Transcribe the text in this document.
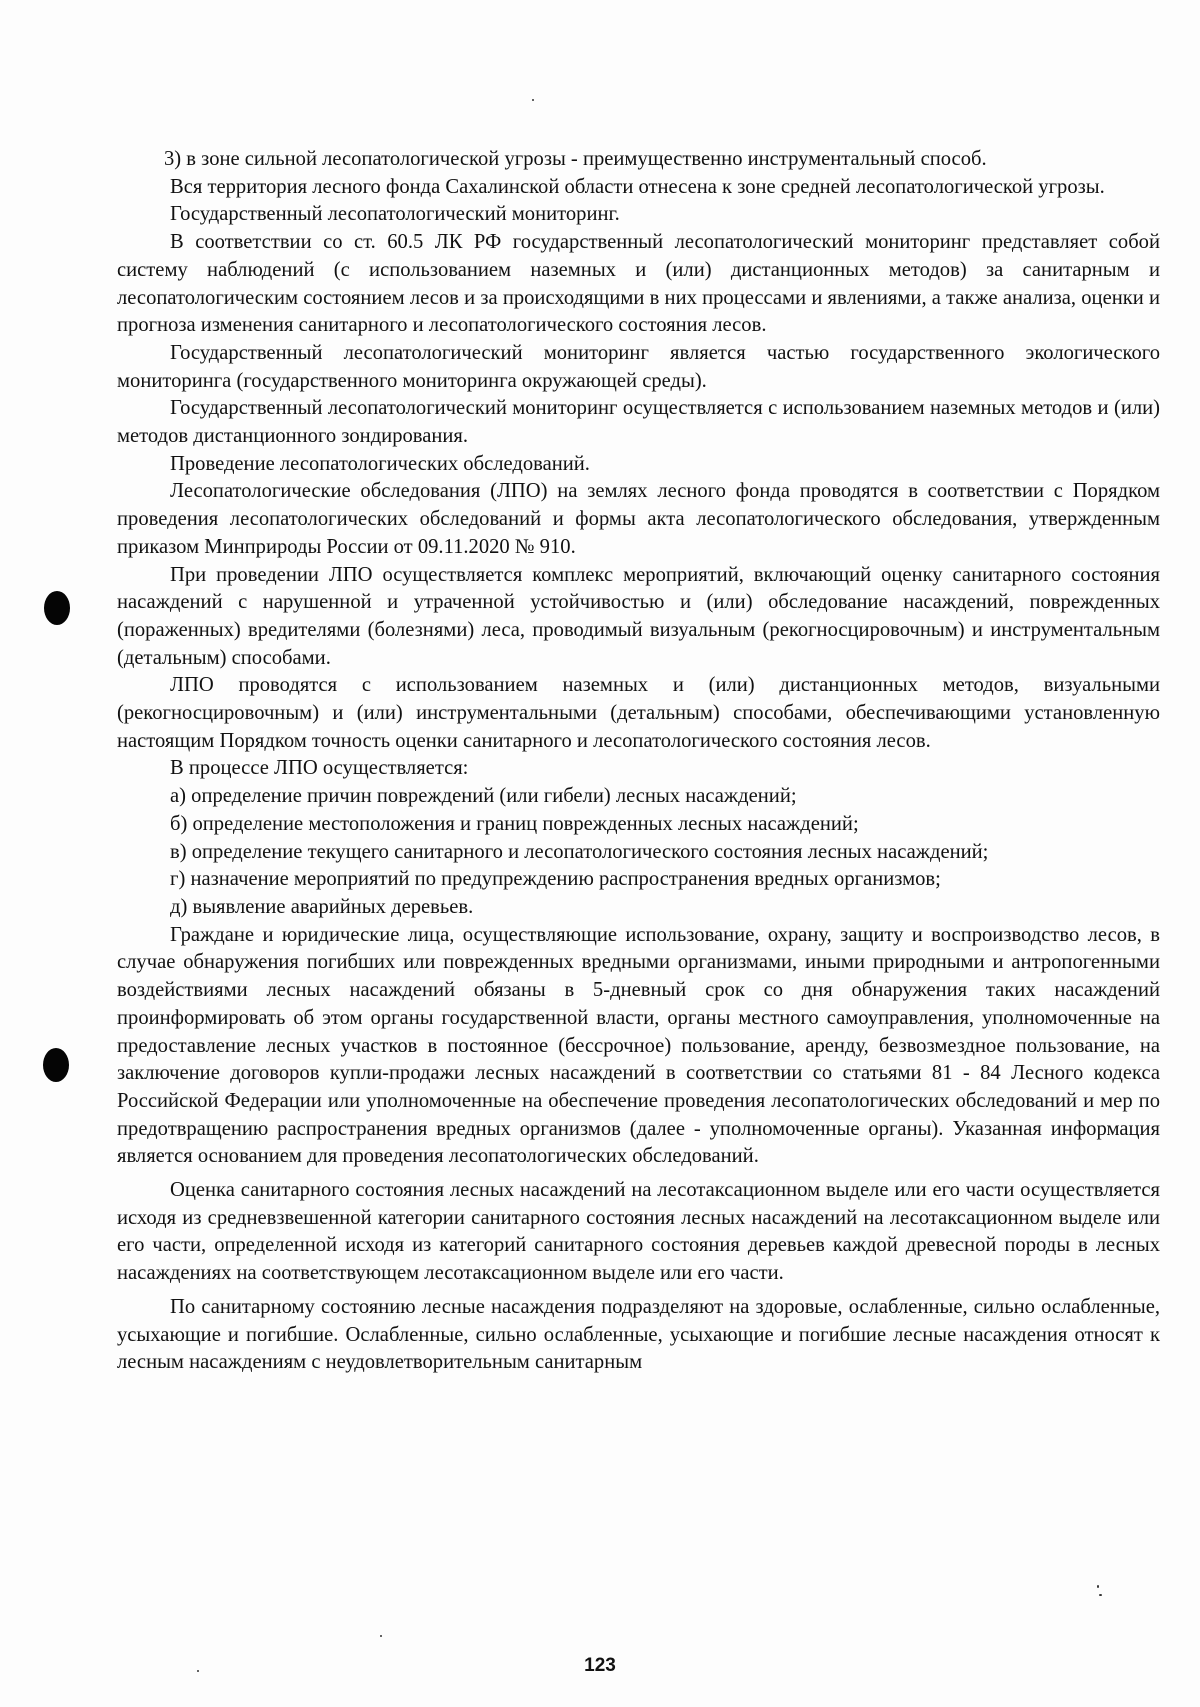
3) в зоне сильной лесопатологической угрозы - преимущественно инструментальный способ.

Вся территория лесного фонда Сахалинской области отнесена к зоне средней лесопатологической угрозы.

Государственный лесопатологический мониторинг.

В соответствии со ст. 60.5 ЛК РФ государственный лесопатологический мониторинг представляет собой систему наблюдений (с использованием наземных и (или) дистанционных методов) за санитарным и лесопатологическим состоянием лесов и за происходящими в них процессами и явлениями, а также анализа, оценки и прогноза изменения санитарного и лесопатологического состояния лесов.

Государственный лесопатологический мониторинг является частью государственного экологического мониторинга (государственного мониторинга окружающей среды).

Государственный лесопатологический мониторинг осуществляется с использованием наземных методов и (или) методов дистанционного зондирования.

Проведение лесопатологических обследований.

Лесопатологические обследования (ЛПО) на землях лесного фонда проводятся в соответствии с Порядком проведения лесопатологических обследований и формы акта лесопатологического обследования, утвержденным приказом Минприроды России от 09.11.2020 № 910.

При проведении ЛПО осуществляется комплекс мероприятий, включающий оценку санитарного состояния насаждений с нарушенной и утраченной устойчивостью и (или) обследование насаждений, поврежденных (пораженных) вредителями (болезнями) леса, проводимый визуальным (рекогносцировочным) и инструментальным (детальным) способами.

ЛПО проводятся с использованием наземных и (или) дистанционных методов, визуальными (рекогносцировочным) и (или) инструментальными (детальным) способами, обеспечивающими установленную настоящим Порядком точность оценки санитарного и лесопатологического состояния лесов.

В процессе ЛПО осуществляется:

а) определение причин повреждений (или гибели) лесных насаждений;

б) определение местоположения и границ поврежденных лесных насаждений;

в) определение текущего санитарного и лесопатологического состояния лесных насаждений;

г) назначение мероприятий по предупреждению распространения вредных организмов;

д) выявление аварийных деревьев.

Граждане и юридические лица, осуществляющие использование, охрану, защиту и воспроизводство лесов, в случае обнаружения погибших или поврежденных вредными организмами, иными природными и антропогенными воздействиями лесных насаждений обязаны в 5-дневный срок со дня обнаружения таких насаждений проинформировать об этом органы государственной власти, органы местного самоуправления, уполномоченные на предоставление лесных участков в постоянное (бессрочное) пользование, аренду, безвозмездное пользование, на заключение договоров купли-продажи лесных насаждений в соответствии со статьями 81 - 84 Лесного кодекса Российской Федерации или уполномоченные на обеспечение проведения лесопатологических обследований и мер по предотвращению распространения вредных организмов (далее - уполномоченные органы). Указанная информация является основанием для проведения лесопатологических обследований.

Оценка санитарного состояния лесных насаждений на лесотаксационном выделе или его части осуществляется исходя из средневзвешенной категории санитарного состояния лесных насаждений на лесотаксационном выделе или его части, определенной исходя из категорий санитарного состояния деревьев каждой древесной породы в лесных насаждениях на соответствующем лесотаксационном выделе или его части.

По санитарному состоянию лесные насаждения подразделяют на здоровые, ослабленные, сильно ослабленные, усыхающие и погибшие. Ослабленные, сильно ослабленные, усыхающие и погибшие лесные насаждения относят к лесным насаждениям с неудовлетворительным санитарным

123
